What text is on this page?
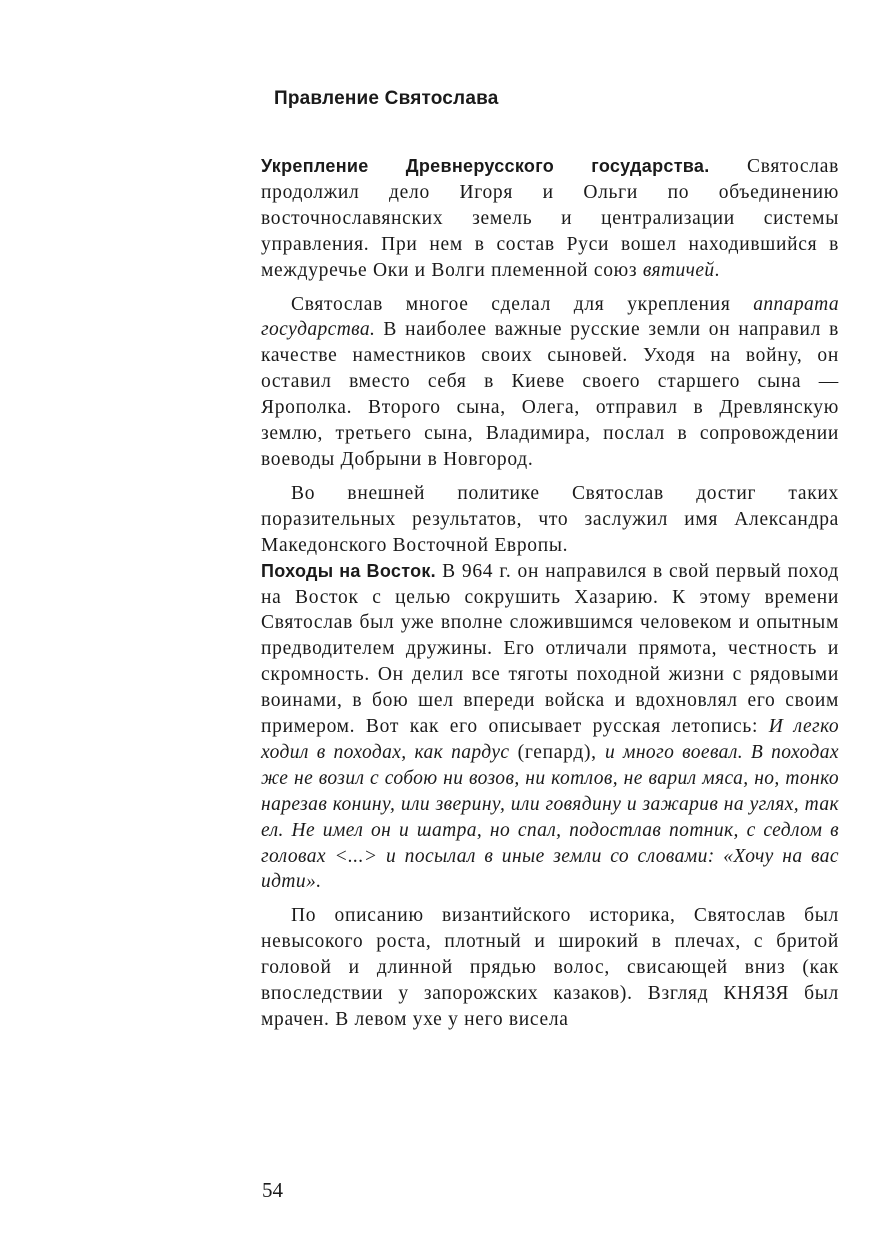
Правление Святослава

Укрепление Древнерусского государства. Святослав продолжил дело Игоря и Ольги по объединению восточнославянских земель и централизации системы управления. При нем в состав Руси вошел находившийся в междуречье Оки и Волги племенной союз вятичей.

Святослав многое сделал для укрепления аппарата государства. В наиболее важные русские земли он направил в качестве наместников своих сыновей. Уходя на войну, он оставил вместо себя в Киеве своего старшего сына — Ярополка. Второго сына, Олега, отправил в Древлянскую землю, третьего сына, Владимира, послал в сопровождении воеводы Добрыни в Новгород.

Во внешней политике Святослав достиг таких поразительных результатов, что заслужил имя Александра Македонского Восточной Европы.

Походы на Восток. В 964 г. он направился в свой первый поход на Восток с целью сокрушить Хазарию. К этому времени Святослав был уже вполне сложившимся человеком и опытным предводителем дружины. Его отличали прямота, честность и скромность. Он делил все тяготы походной жизни с рядовыми воинами, в бою шел впереди войска и вдохновлял его своим примером. Вот как его описывает русская летопись: И легко ходил в походах, как пардус (гепард), и много воевал. В походах же не возил с собою ни возов, ни котлов, не варил мяса, но, тонко нарезав конину, или зверину, или говядину и зажарив на углях, так ел. Не имел он и шатра, но спал, подостлав потник, с седлом в головах <...> и посылал в иные земли со словами: «Хочу на вас идти».

По описанию византийского историка, Святослав был невысокого роста, плотный и широкий в плечах, с бритой головой и длинной прядью волос, свисающей вниз (как впоследствии у запорожских казаков). Взгляд КНЯЗЯ был мрачен. В левом ухе у него висела

54
